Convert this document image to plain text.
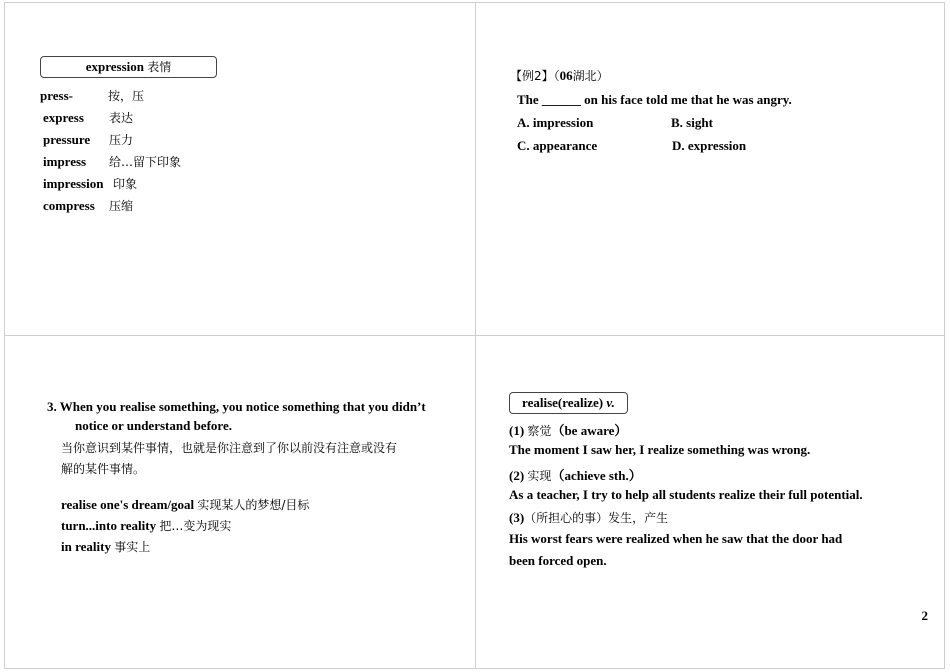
expression 表情
press-	按，压
express 表达
pressure 压力
impress 给…留下印象
impression 印象
compress 压缩
【例2】（06湖北）
The ______ on his face told me that he was angry.
A. impression	B. sight
C. appearance	D. expression
3. When you realise something, you notice something that you didn’t
notice or understand before.
当你意识到某件事情，也就是你注意到了你以前没有注意或没有
解的某件事情。
realise one's dream/goal 实现某人的梦想/目标
turn...into reality 把…变为现实
in reality 事实上
realise(realize) v.
(1) 察觉（be aware）
The moment I saw her, I realize something was wrong.
(2) 实现（achieve sth.）
As a teacher, I try to help all students realize their full potential.
(3)（所担心的事）发生，产生
His worst fears were realized when he saw that the door had
been forced open.
2
